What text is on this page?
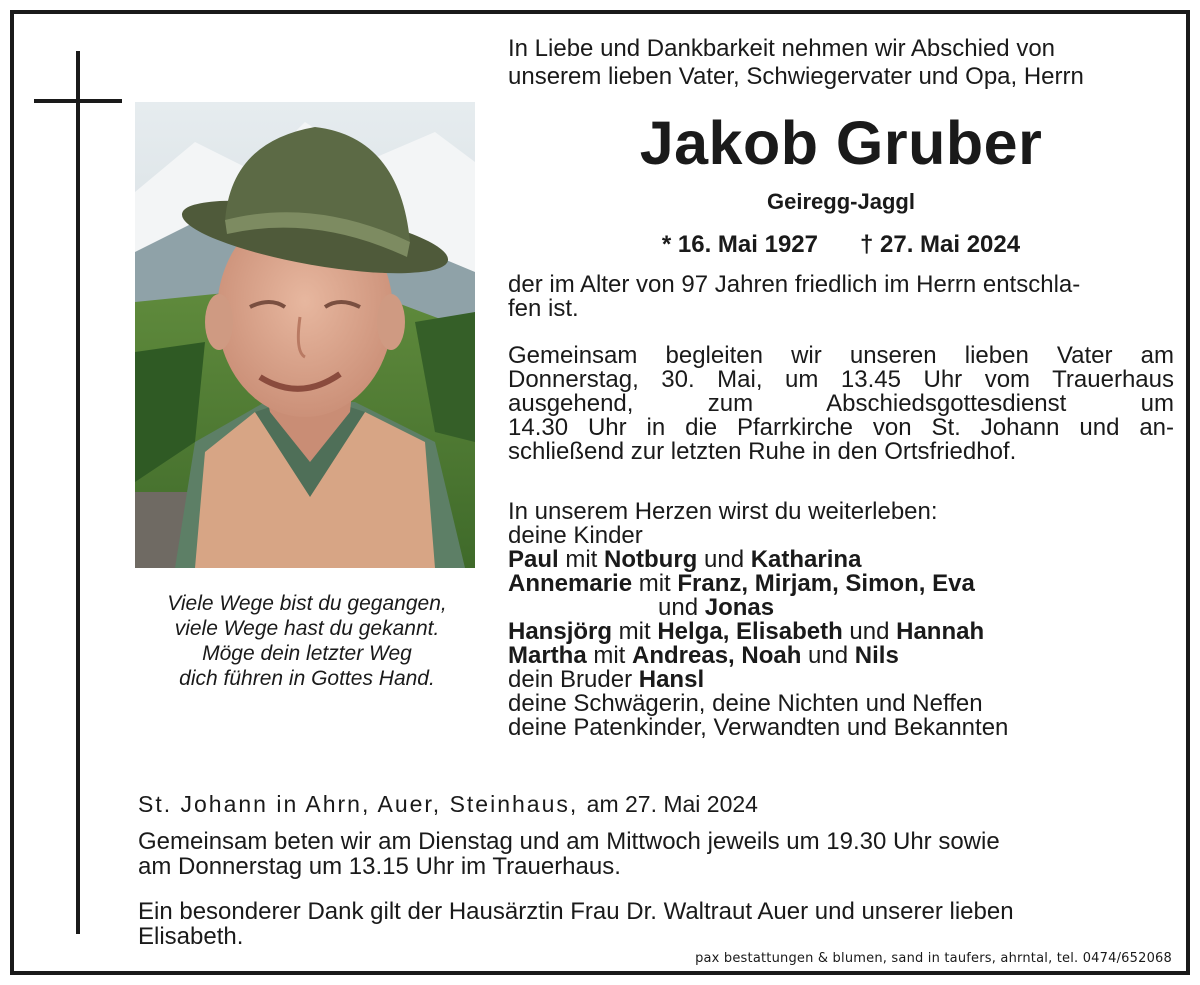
Viele Wege bist du gegangen,
viele Wege hast du gekannt.
Möge dein letzter Weg
dich führen in Gottes Hand.
In Liebe und Dankbarkeit nehmen wir Abschied von
unserem lieben Vater, Schwiegervater und Opa, Herrn
Jakob Gruber
Geiregg-Jaggl
* 16. Mai 1927 † 27. Mai 2024
der im Alter von 97 Jahren friedlich im Herrn entschla-
fen ist.
Gemeinsam begleiten wir unseren lieben Vater am
Donnerstag, 30. Mai, um 13.45 Uhr vom Trauerhaus
ausgehend, zum Abschiedsgottesdienst um
14.30 Uhr in die Pfarrkirche von St. Johann und an-
schließend zur letzten Ruhe in den Ortsfriedhof.
In unserem Herzen wirst du weiterleben:
deine Kinder
Paul mit Notburg und Katharina
Annemarie mit Franz, Mirjam, Simon, Eva
und Jonas
Hansjörg mit Helga, Elisabeth und Hannah
Martha mit Andreas, Noah und Nils
dein Bruder Hansl
deine Schwägerin, deine Nichten und Neffen
deine Patenkinder, Verwandten und Bekannten
St. Johann in Ahrn, Auer, Steinhaus, am 27. Mai 2024
Gemeinsam beten wir am Dienstag und am Mittwoch jeweils um 19.30 Uhr sowie
am Donnerstag um 13.15 Uhr im Trauerhaus.
Ein besonderer Dank gilt der Hausärztin Frau Dr. Waltraut Auer und unserer lieben
Elisabeth.
pax bestattungen & blumen, sand in taufers, ahrntal, tel. 0474/652068
